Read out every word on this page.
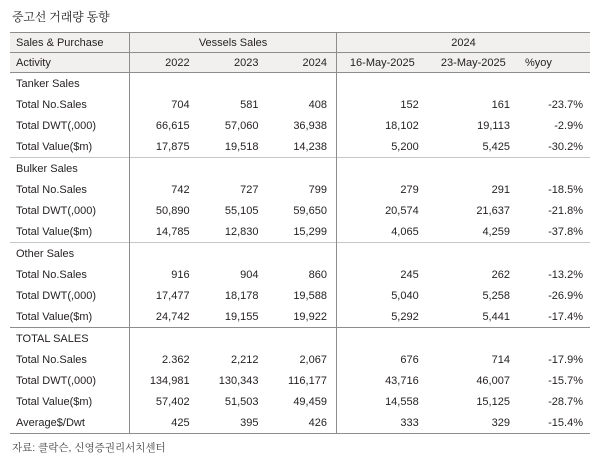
중고선 거래량 동향
Sales & Purchase	Vessels Sales			2024		
Activity	2022	2023	2024	16-May-2025	23-May-2025	%yoy
Tanker Sales						
Total No.Sales	704	581	408	152	161	-23.7%
Total DWT(,000)	66,615	57,060	36,938	18,102	19,113	-2.9%
Total Value($m)	17,875	19,518	14,238	5,200	5,425	-30.2%
Bulker Sales						
Total No.Sales	742	727	799	279	291	-18.5%
Total DWT(,000)	50,890	55,105	59,650	20,574	21,637	-21.8%
Total Value($m)	14,785	12,830	15,299	4,065	4,259	-37.8%
Other Sales						
Total No.Sales	916	904	860	245	262	-13.2%
Total DWT(,000)	17,477	18,178	19,588	5,040	5,258	-26.9%
Total Value($m)	24,742	19,155	19,922	5,292	5,441	-17.4%
TOTAL SALES						
Total No.Sales	2.362	2,212	2,067	676	714	-17.9%
Total DWT(,000)	134,981	130,343	116,177	43,716	46,007	-15.7%
Total Value($m)	57,402	51,503	49,459	14,558	15,125	-28.7%
Average$/Dwt	425	395	426	333	329	-15.4%
자료: 클락슨, 신영증권리서치센터
